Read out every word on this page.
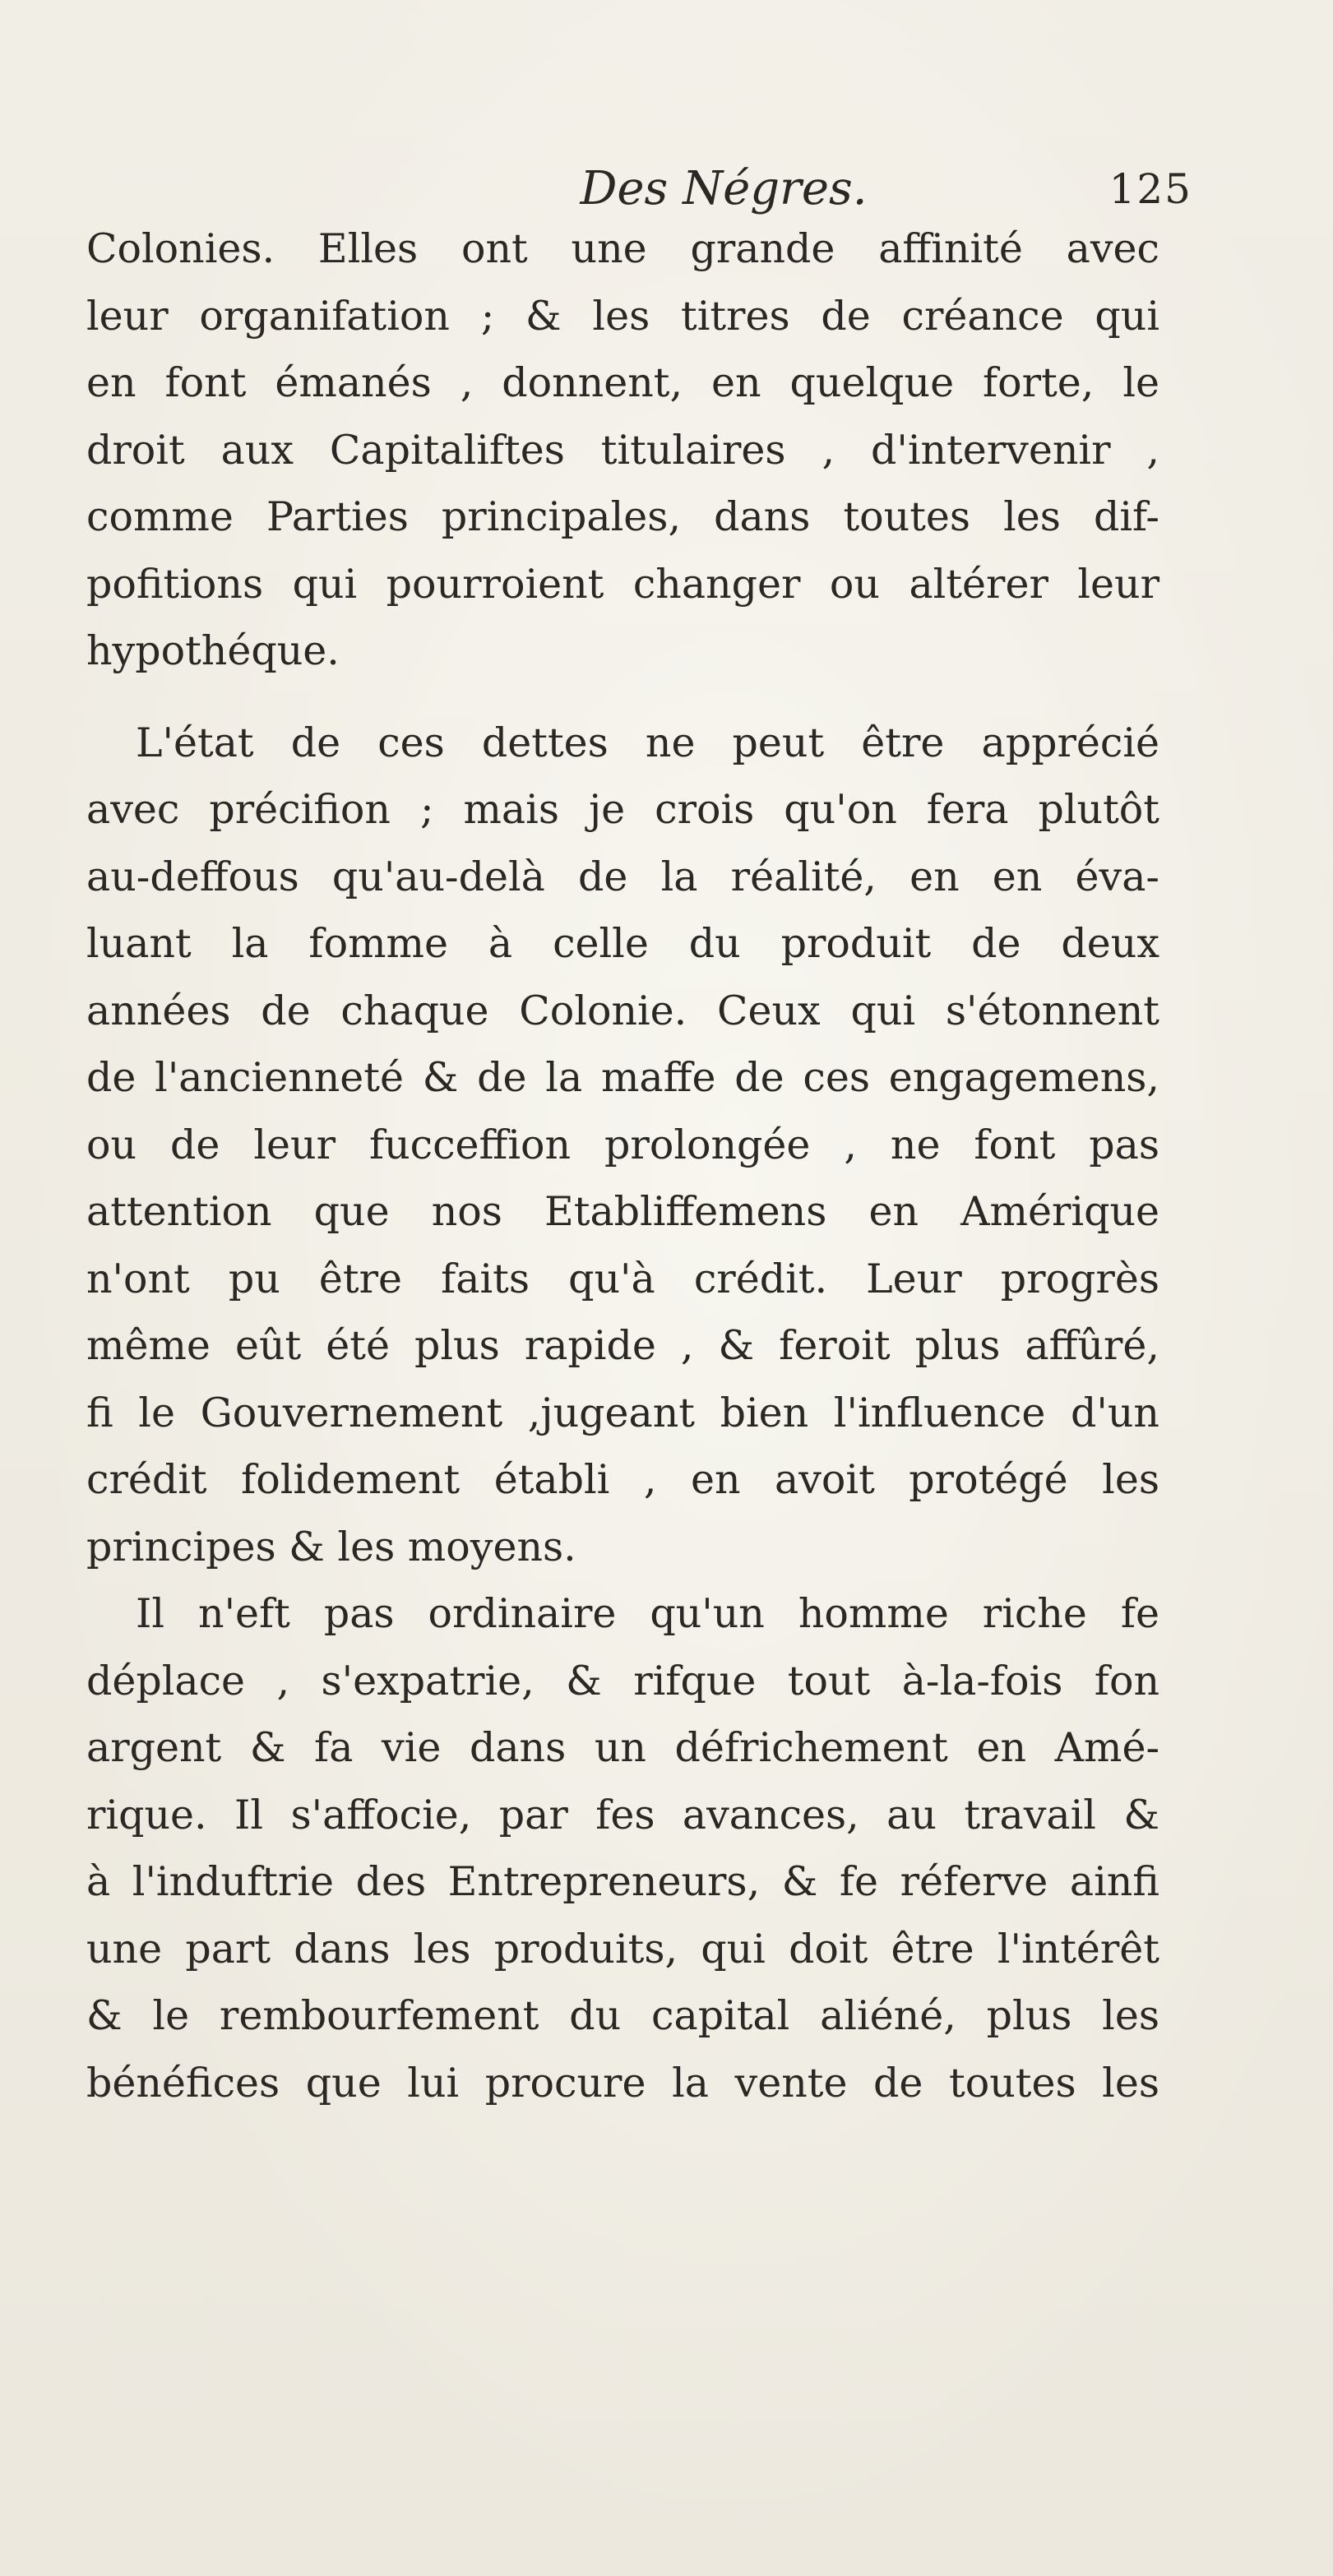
Des Négres.	125

Colonies. Elles ont une grande affinité avec
leur organifation ; & les titres de créance qui
en font émanés , donnent, en quelque forte, le
droit aux Capitaliftes titulaires , d'intervenir ,
comme Parties principales, dans toutes les dif-
pofitions qui pourroient changer ou altérer leur
hypothéque.

L'état de ces dettes ne peut être apprécié
avec précifion ; mais je crois qu'on fera plutôt
au-deffous qu'au-delà de la réalité, en en éva-
luant la fomme à celle du produit de deux
années de chaque Colonie. Ceux qui s'étonnent
de l'ancienneté & de la maffe de ces engagemens,
ou de leur fucceffion prolongée , ne font pas
attention que nos Etabliffemens en Amérique
n'ont pu être faits qu'à crédit. Leur progrès
même eût été plus rapide , & feroit plus affûré,
fi le Gouvernement ,jugeant bien l'influence d'un
crédit folidement établi , en avoit protégé les
principes & les moyens.

Il n'eft pas ordinaire qu'un homme riche fe
déplace , s'expatrie, & rifque tout à-la-fois fon
argent & fa vie dans un défrichement en Amé-
rique. Il s'affocie, par fes avances, au travail &
à l'induftrie des Entrepreneurs, & fe réferve ainfi
une part dans les produits, qui doit être l'intérêt
& le rembourfement du capital aliéné, plus les
bénéfices que lui procure la vente de toutes les
